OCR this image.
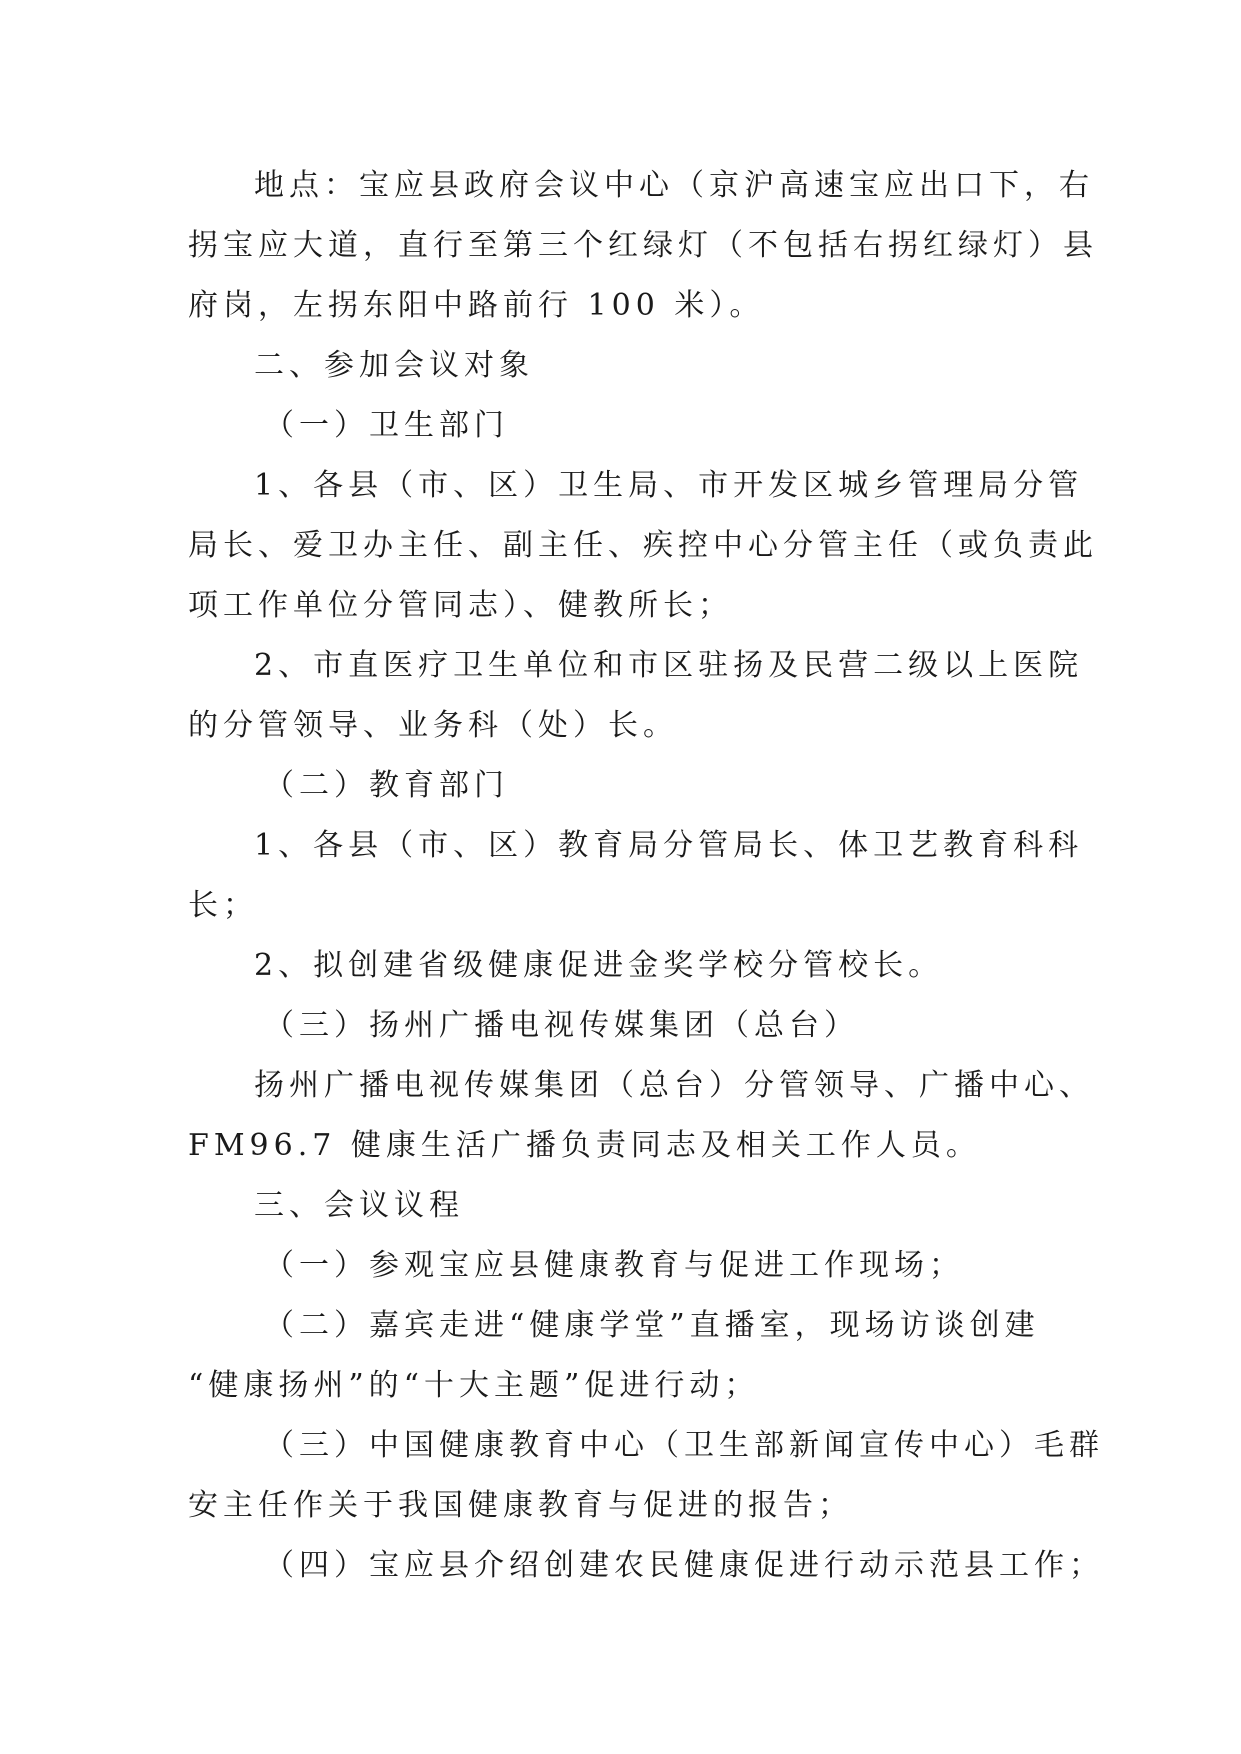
地点：宝应县政府会议中心（京沪高速宝应出口下，右
拐宝应大道，直行至第三个红绿灯（不包括右拐红绿灯）县
府岗，左拐东阳中路前行 100 米）。
二、参加会议对象
（一）卫生部门
1、各县（市、区）卫生局、市开发区城乡管理局分管
局长、爱卫办主任、副主任、疾控中心分管主任（或负责此
项工作单位分管同志）、健教所长；
2、市直医疗卫生单位和市区驻扬及民营二级以上医院
的分管领导、业务科（处）长。
（二）教育部门
1、各县（市、区）教育局分管局长、体卫艺教育科科
长；
2、拟创建省级健康促进金奖学校分管校长。
（三）扬州广播电视传媒集团（总台）
扬州广播电视传媒集团（总台）分管领导、广播中心、
FM96.7 健康生活广播负责同志及相关工作人员。
三、会议议程
（一）参观宝应县健康教育与促进工作现场；
（二）嘉宾走进“健康学堂”直播室，现场访谈创建
“健康扬州”的“十大主题”促进行动；
（三）中国健康教育中心（卫生部新闻宣传中心）毛群
安主任作关于我国健康教育与促进的报告；
（四）宝应县介绍创建农民健康促进行动示范县工作；
